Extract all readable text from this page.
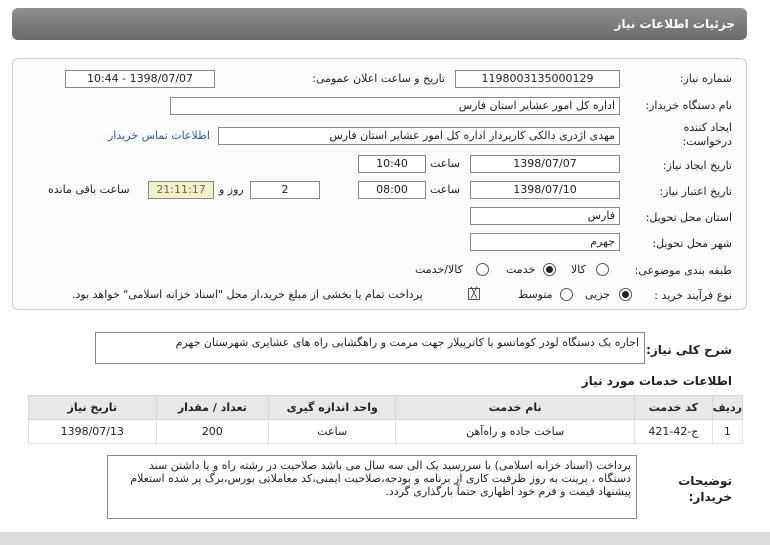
جزئیات اطلاعات نیاز
شماره نیاز:
1198003135000129
تاریخ و ساعت اعلان عمومی:
1398/07/07 - 10:44
نام دستگاه خریدار:
اداره کل امور عشایر استان فارس
ایجاد کننده
درخواست:
مهدی اژدری دالکی کارپرداز اداره کل امور عشایر استان فارس
اطلاعات تماس خریدار
تاریخ ایجاد نیاز:
1398/07/07
ساعت
10:40
تاریخ اعتبار نیاز:
1398/07/10
ساعت
08:00
2
روز و
21:11:17
ساعت باقی مانده
استان محل تحویل:
فارس
شهر محل تحویل:
جهرم
طبقه بندی موضوعی:
کالا
خدمت
کالا/خدمت
نوع فرآیند خرید :
جزیی
متوسط
╳
پرداخت تمام یا بخشی از مبلغ خرید،از محل "اسناد خزانه اسلامی" خواهد بود.
شرح کلی نیاز:
اجاره یک دستگاه لودر کوماتسو یا کاترپیلار جهت مرمت و راهگشایی راه های عشایری شهرستان جهرم
اطلاعات خدمات مورد نیاز
ردیف	کد خدمت	نام خدمت	واحد اندازه گیری	تعداد / مقدار	تاریخ نیاز
1	ج-42-421	ساخت جاده و راه‌آهن	ساعت	200	1398/07/13
توضیحات
خریدار:
پرداخت (اسناد خزانه اسلامی) با سررسید یک الی سه سال می باشد صلاحیت در رشته راه و یا داشتن سند دستگاه ، پرینت به روز ظرفیت کاری از برنامه و بودجه،صلاحیت ایمنی،کد معاملاتی بورس،برگ پر شده استعلام پیشنهاد قیمت و فرم خود اظهاری حتماً بارگذاری گردد.
